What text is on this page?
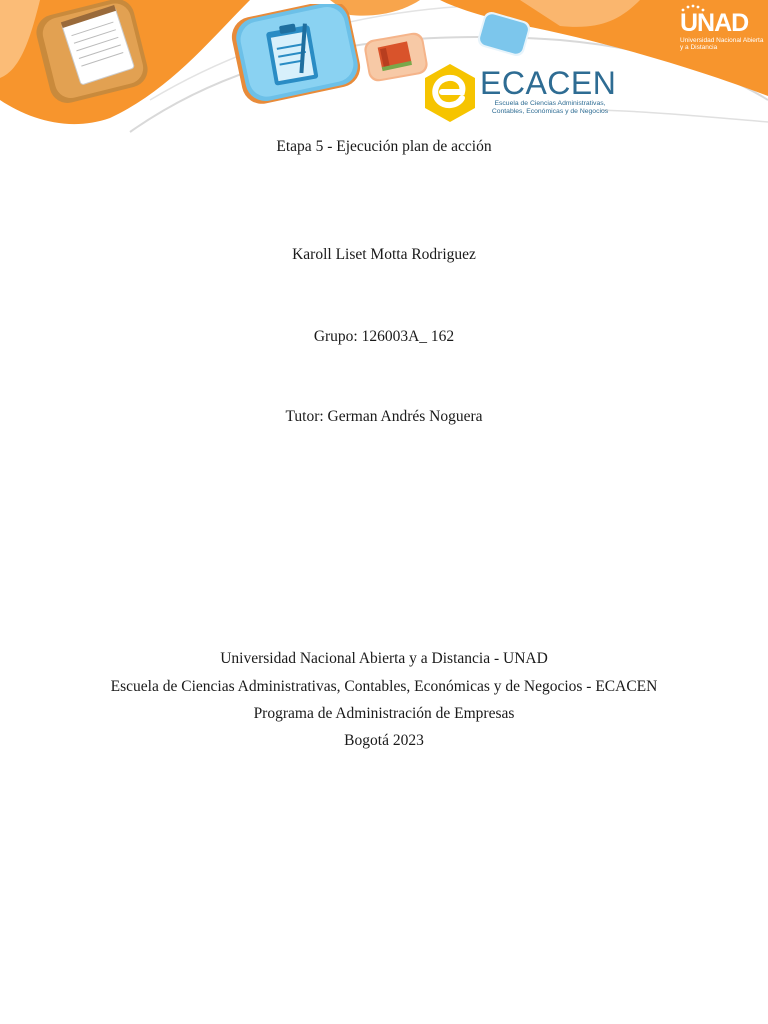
UNAD
Universidad Nacional Abierta y a Distancia
ECACEN
Escuela de Ciencias Administrativas, Contables, Económicas y de Negocios
Etapa 5 - Ejecución plan de acción
Karoll Liset Motta Rodriguez
Grupo: 126003A_ 162
Tutor: German Andrés Noguera
Universidad Nacional Abierta y a Distancia - UNAD
Escuela de Ciencias Administrativas, Contables, Económicas y de Negocios - ECACEN
Programa de Administración de Empresas
Bogotá 2023
